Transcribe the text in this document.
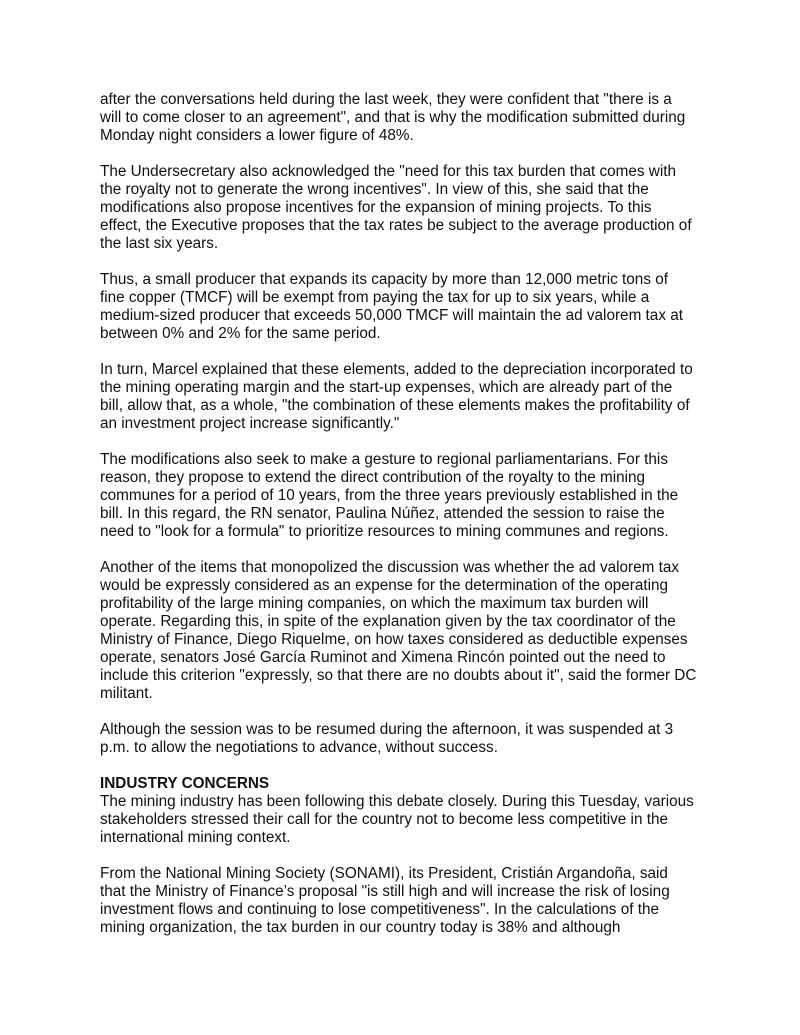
after the conversations held during the last week, they were confident that "there is a
will to come closer to an agreement", and that is why the modification submitted during
Monday night considers a lower figure of 48%.

The Undersecretary also acknowledged the "need for this tax burden that comes with
the royalty not to generate the wrong incentives". In view of this, she said that the
modifications also propose incentives for the expansion of mining projects. To this
effect, the Executive proposes that the tax rates be subject to the average production of
the last six years.

Thus, a small producer that expands its capacity by more than 12,000 metric tons of
fine copper (TMCF) will be exempt from paying the tax for up to six years, while a
medium-sized producer that exceeds 50,000 TMCF will maintain the ad valorem tax at
between 0% and 2% for the same period.

In turn, Marcel explained that these elements, added to the depreciation incorporated to
the mining operating margin and the start-up expenses, which are already part of the
bill, allow that, as a whole, "the combination of these elements makes the profitability of
an investment project increase significantly."

The modifications also seek to make a gesture to regional parliamentarians. For this
reason, they propose to extend the direct contribution of the royalty to the mining
communes for a period of 10 years, from the three years previously established in the
bill. In this regard, the RN senator, Paulina Núñez, attended the session to raise the
need to "look for a formula" to prioritize resources to mining communes and regions.

Another of the items that monopolized the discussion was whether the ad valorem tax
would be expressly considered as an expense for the determination of the operating
profitability of the large mining companies, on which the maximum tax burden will
operate. Regarding this, in spite of the explanation given by the tax coordinator of the
Ministry of Finance, Diego Riquelme, on how taxes considered as deductible expenses
operate, senators José García Ruminot and Ximena Rincón pointed out the need to
include this criterion "expressly, so that there are no doubts about it", said the former DC
militant.

Although the session was to be resumed during the afternoon, it was suspended at 3
p.m. to allow the negotiations to advance, without success.

INDUSTRY CONCERNS

The mining industry has been following this debate closely. During this Tuesday, various
stakeholders stressed their call for the country not to become less competitive in the
international mining context.

From the National Mining Society (SONAMI), its President, Cristián Argandoña, said
that the Ministry of Finance’s proposal "is still high and will increase the risk of losing
investment flows and continuing to lose competitiveness". In the calculations of the
mining organization, the tax burden in our country today is 38% and although
